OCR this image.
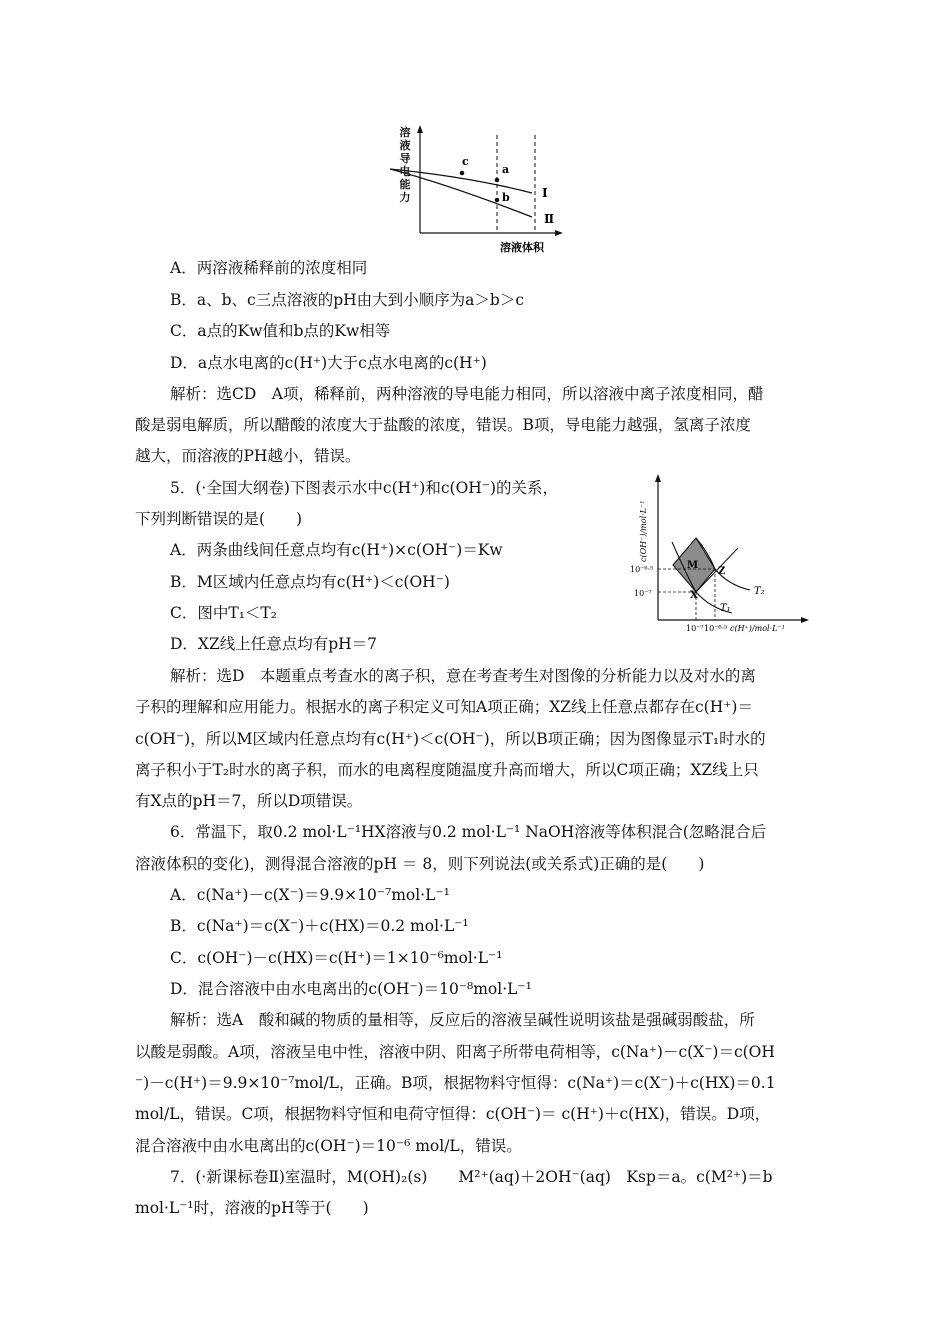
c
a
b	Ⅰ
Ⅱ
溶液体积
溶
液
导
电
能
力
A．两溶液稀释前的浓度相同
B．a、b、c三点溶液的pH由大到小顺序为a＞b＞c
C．a点的Kw值和b点的Kw相等
D．a点水电离的c(H⁺)大于c点水电离的c(H⁺)
解析：选CD　A项，稀释前，两种溶液的导电能力相同，所以溶液中离子浓度相同，醋
酸是弱电解质，所以醋酸的浓度大于盐酸的浓度，错误。B项，导电能力越强，氢离子浓度
越大，而溶液的PH越小，错误。
5．(·全国大纲卷)下图表示水中c(H⁺)和c(OH⁻)的关系，
下列判断错误的是(　　)
A．两条曲线间任意点均有c(H⁺)×c(OH⁻)＝Kw
B．M区域内任意点均有c(H⁺)＜c(OH⁻)
C．图中T₁＜T₂
D．XZ线上任意点均有pH＝7
M
Z
X	T₂
T₁
10⁻⁶·⁵
10⁻⁷
10⁻⁷ 10⁻⁶·⁵ c(H⁺)/mol·L⁻¹
c(OH⁻)/mol·L⁻¹
解析：选D　本题重点考查水的离子积，意在考查考生对图像的分析能力以及对水的离
子积的理解和应用能力。根据水的离子积定义可知A项正确；XZ线上任意点都存在c(H⁺)＝
c(OH⁻)，所以M区域内任意点均有c(H⁺)＜c(OH⁻)，所以B项正确；因为图像显示T₁时水的
离子积小于T₂时水的离子积，而水的电离程度随温度升高而增大，所以C项正确；XZ线上只
有X点的pH＝7，所以D项错误。
6．常温下，取0.2 mol·L⁻¹HX溶液与0.2 mol·L⁻¹ NaOH溶液等体积混合(忽略混合后
溶液体积的变化)，测得混合溶液的pH ＝ 8，则下列说法(或关系式)正确的是(　　)
A．c(Na⁺)－c(X⁻)＝9.9×10⁻⁷mol·L⁻¹
B．c(Na⁺)＝c(X⁻)＋c(HX)＝0.2 mol·L⁻¹
C．c(OH⁻)－c(HX)＝c(H⁺)＝1×10⁻⁶mol·L⁻¹
D．混合溶液中由水电离出的c(OH⁻)＝10⁻⁸mol·L⁻¹
解析：选A　酸和碱的物质的量相等，反应后的溶液呈碱性说明该盐是强碱弱酸盐，所
以酸是弱酸。A项，溶液呈电中性，溶液中阴、阳离子所带电荷相等，c(Na⁺)－c(X⁻)＝c(OH
⁻)－c(H⁺)＝9.9×10⁻⁷mol/L，正确。B项，根据物料守恒得：c(Na⁺)＝c(X⁻)＋c(HX)＝0.1
mol/L，错误。C项，根据物料守恒和电荷守恒得：c(OH⁻)＝ c(H⁺)＋c(HX)，错误。D项，
混合溶液中由水电离出的c(OH⁻)＝10⁻⁶ mol/L，错误。
7．(·新课标卷Ⅱ)室温时，M(OH)₂(s)　　M²⁺(aq)＋2OH⁻(aq)　Ksp＝a。c(M²⁺)＝b
mol·L⁻¹时，溶液的pH等于(　　)
